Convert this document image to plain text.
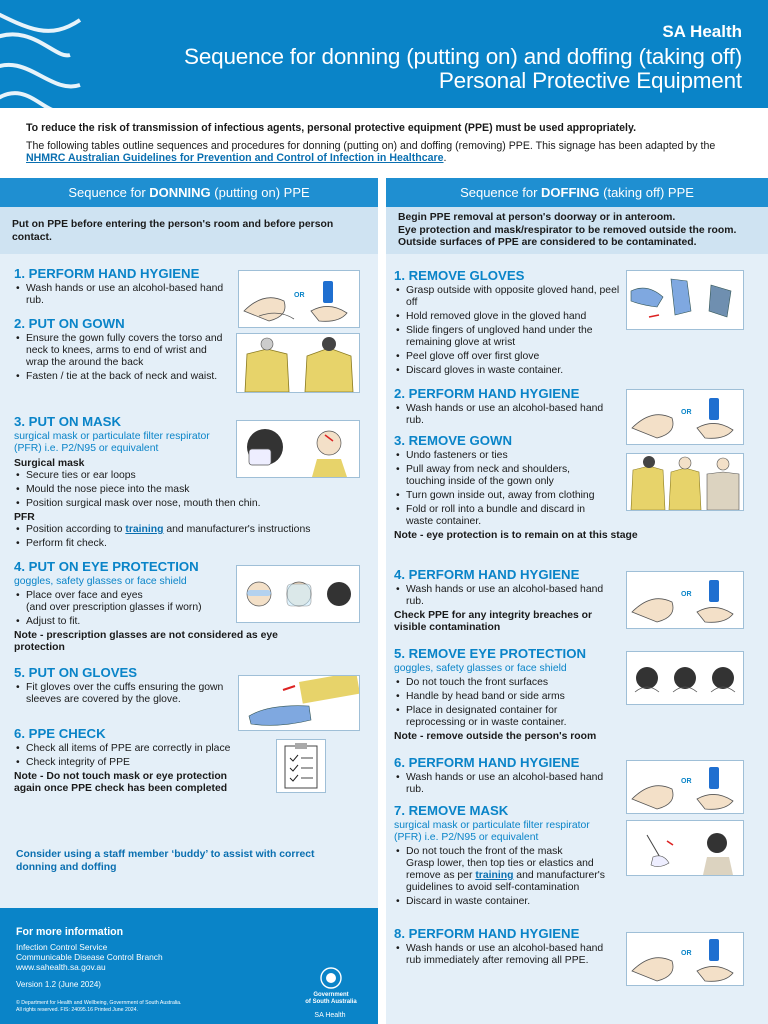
SA Health
Sequence for donning (putting on) and doffing (taking off)
Personal Protective Equipment
To reduce the risk of transmission of infectious agents, personal protective equipment (PPE) must be used appropriately.
The following tables outline sequences and procedures for donning (putting on) and doffing (removing) PPE. This signage has been adapted by the NHMRC Australian Guidelines for Prevention and Control of Infection in Healthcare.
Sequence for DONNING (putting on) PPE
Put on PPE before entering the person's room and before person contact.
1. PERFORM HAND HYGIENE
• Wash hands or use an alcohol-based hand rub.
2. PUT ON GOWN
• Ensure the gown fully covers the torso and neck to knees, arms to end of wrist and wrap the around the back
• Fasten / tie at the back of neck and waist.
3. PUT ON MASK
surgical mask or particulate filter respirator (PFR) i.e. P2/N95 or equivalent
Surgical mask
• Secure ties or ear loops
• Mould the nose piece into the mask
• Position surgical mask over nose, mouth then chin.
PFR
• Position according to training and manufacturer's instructions
• Perform fit check.
4. PUT ON EYE PROTECTION
goggles, safety glasses or face shield
• Place over face and eyes
(and over prescription glasses if worn)
• Adjust to fit.
Note - prescription glasses are not considered as eye protection
5. PUT ON GLOVES
• Fit gloves over the cuffs ensuring the gown sleeves are covered by the glove.
6. PPE CHECK
• Check all items of PPE are correctly in place
• Check integrity of PPE
Note - Do not touch mask or eye protection again once PPE check has been completed
OR
Consider using a staff member ‘buddy’ to assist with correct donning and doffing
For more information
Infection Control Service
Communicable Disease Control Branch
www.sahealth.sa.gov.au
Version 1.2 (June 2024)
© Department for Health and Wellbeing, Government of South Australia. All rights reserved. FIS: 24095.16 Printed June 2024.
Government
of South Australia
SA Health
Sequence for DOFFING (taking off) PPE
Begin PPE removal at person's doorway or in anteroom.
Eye protection and mask/respirator to be removed outside the room.
Outside surfaces of PPE are considered to be contaminated.
1. REMOVE GLOVES
• Grasp outside with opposite gloved hand, peel off
• Hold removed glove in the gloved hand
• Slide fingers of ungloved hand under the remaining glove at wrist
• Peel glove off over first glove
• Discard gloves in waste container.
2. PERFORM HAND HYGIENE
• Wash hands or use an alcohol-based hand rub.
3. REMOVE GOWN
• Undo fasteners or ties
• Pull away from neck and shoulders, touching inside of the gown only
• Turn gown inside out, away from clothing
• Fold or roll into a bundle and discard in waste container.
Note - eye protection is to remain on at this stage
4. PERFORM HAND HYGIENE
• Wash hands or use an alcohol-based hand rub.
Check PPE for any integrity breaches or visible contamination
5. REMOVE EYE PROTECTION
goggles, safety glasses or face shield
• Do not touch the front surfaces
• Handle by head band or side arms
• Place in designated container for reprocessing or in waste container.
Note - remove outside the person's room
6. PERFORM HAND HYGIENE
• Wash hands or use an alcohol-based hand rub.
7. REMOVE MASK
surgical mask or particulate filter respirator (PFR) i.e. P2/N95 or equivalent
• Do not touch the front of the mask
Grasp lower, then top ties or elastics and remove as per training and manufacturer's guidelines to avoid self-contamination
• Discard in waste container.
8. PERFORM HAND HYGIENE
• Wash hands or use an alcohol-based hand rub immediately after removing all PPE.
OR
OR
OR
OR
